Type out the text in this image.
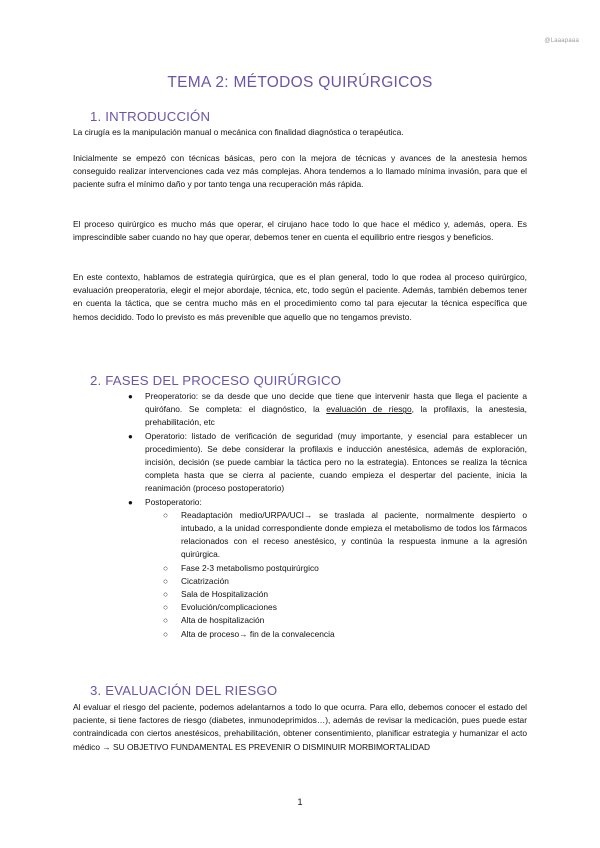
@Laaapaaa
TEMA 2: MÉTODOS QUIRÚRGICOS
1. INTRODUCCIÓN

La cirugía es la manipulación manual o mecánica con finalidad diagnóstica o terapéutica.

Inicialmente se empezó con técnicas básicas, pero con la mejora de técnicas y avances de la anestesia hemos conseguido realizar intervenciones cada vez más complejas. Ahora tendemos a lo llamado mínima invasión, para que el paciente sufra el mínimo daño y por tanto tenga una recuperación más rápida.

El proceso quirúrgico es mucho más que operar, el cirujano hace todo lo que hace el médico y, además, opera. Es imprescindible saber cuando no hay que operar, debemos tener en cuenta el equilibrio entre riesgos y beneficios.

En este contexto, hablamos de estrategia quirúrgica, que es el plan general, todo lo que rodea al proceso quirúrgico, evaluación preoperatoria, elegir el mejor abordaje, técnica, etc, todo según el paciente. Además, también debemos tener en cuenta la táctica, que se centra mucho más en el procedimiento como tal para ejecutar la técnica específica que hemos decidido. Todo lo previsto es más prevenible que aquello que no tengamos previsto.

2. FASES DEL PROCESO QUIRÚRGICO
● Preoperatorio: se da desde que uno decide que tiene que intervenir hasta que llega el paciente a quirófano. Se completa: el diagnóstico, la evaluación de riesgo, la profilaxis, la anestesia, prehabilitación, etc
● Operatorio: listado de verificación de seguridad (muy importante, y esencial para establecer un procedimiento). Se debe considerar la profilaxis e inducción anestésica, además de exploración, incisión, decisión (se puede cambiar la táctica pero no la estrategia). Entonces se realiza la técnica completa hasta que se cierra al paciente, cuando empieza el despertar del paciente, inicia la reanimación (proceso postoperatorio)
● Postoperatorio:
○ Readaptación medio/URPA/UCI→ se traslada al paciente, normalmente despierto o intubado, a la unidad correspondiente donde empieza el metabolismo de todos los fármacos relacionados con el receso anestésico, y continúa la respuesta inmune a la agresión quirúrgica.
○ Fase 2-3 metabolismo postquirúrgico
○ Cicatrización
○ Sala de Hospitalización
○ Evolución/complicaciones
○ Alta de hospitalización
○ Alta de proceso→ fin de la convalecencia
3. EVALUACIÓN DEL RIESGO

Al evaluar el riesgo del paciente, podemos adelantarnos a todo lo que ocurra. Para ello, debemos conocer el estado del paciente, si tiene factores de riesgo (diabetes, inmunodeprimidos…), además de revisar la medicación, pues puede estar contraindicada con ciertos anestésicos, prehabilitación, obtener consentimiento, planificar estrategia y humanizar el acto médico → SU OBJETIVO FUNDAMENTAL ES PREVENIR O DISMINUIR MORBIMORTALIDAD

1
